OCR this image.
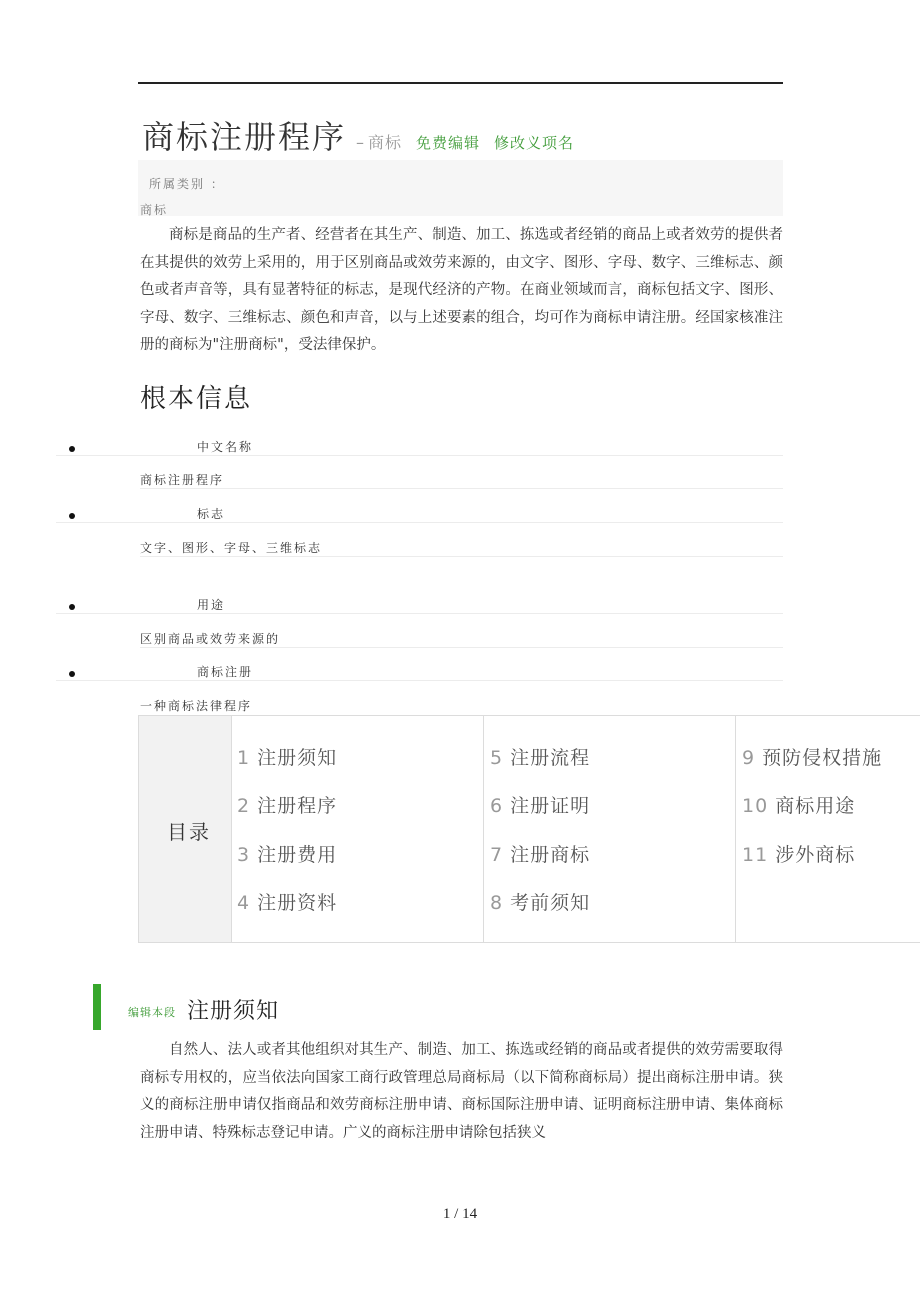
商标注册程序 – 商标 免费编辑 修改义项名
所属类别 ：
商标
商标是商品的生产者、经营者在其生产、制造、加工、拣选或者经销的商品上或者效劳的提供者在其提供的效劳上采用的，用于区别商品或效劳来源的，由文字、图形、字母、数字、三维标志、颜色或者声音等，具有显著特征的标志，是现代经济的产物。在商业领域而言，商标包括文字、图形、字母、数字、三维标志、颜色和声音，以与上述要素的组合，均可作为商标申请注册。经国家核准注册的商标为"注册商标"，受法律保护。
根本信息
中文名称
商标注册程序
标志
文字、图形、字母、三维标志
用途
区别商品或效劳来源的
商标注册
一种商标法律程序
目录
1 注册须知
2 注册程序
3 注册费用
4 注册资料
5 注册流程
6 注册证明
7 注册商标
8 考前须知
9 预防侵权措施
10 商标用途
11 涉外商标
编辑本段 注册须知
自然人、法人或者其他组织对其生产、制造、加工、拣选或经销的商品或者提供的效劳需要取得商标专用权的，应当依法向国家工商行政管理总局商标局（以下简称商标局）提出商标注册申请。狭义的商标注册申请仅指商品和效劳商标注册申请、商标国际注册申请、证明商标注册申请、集体商标注册申请、特殊标志登记申请。广义的商标注册申请除包括狭义
1 / 14
